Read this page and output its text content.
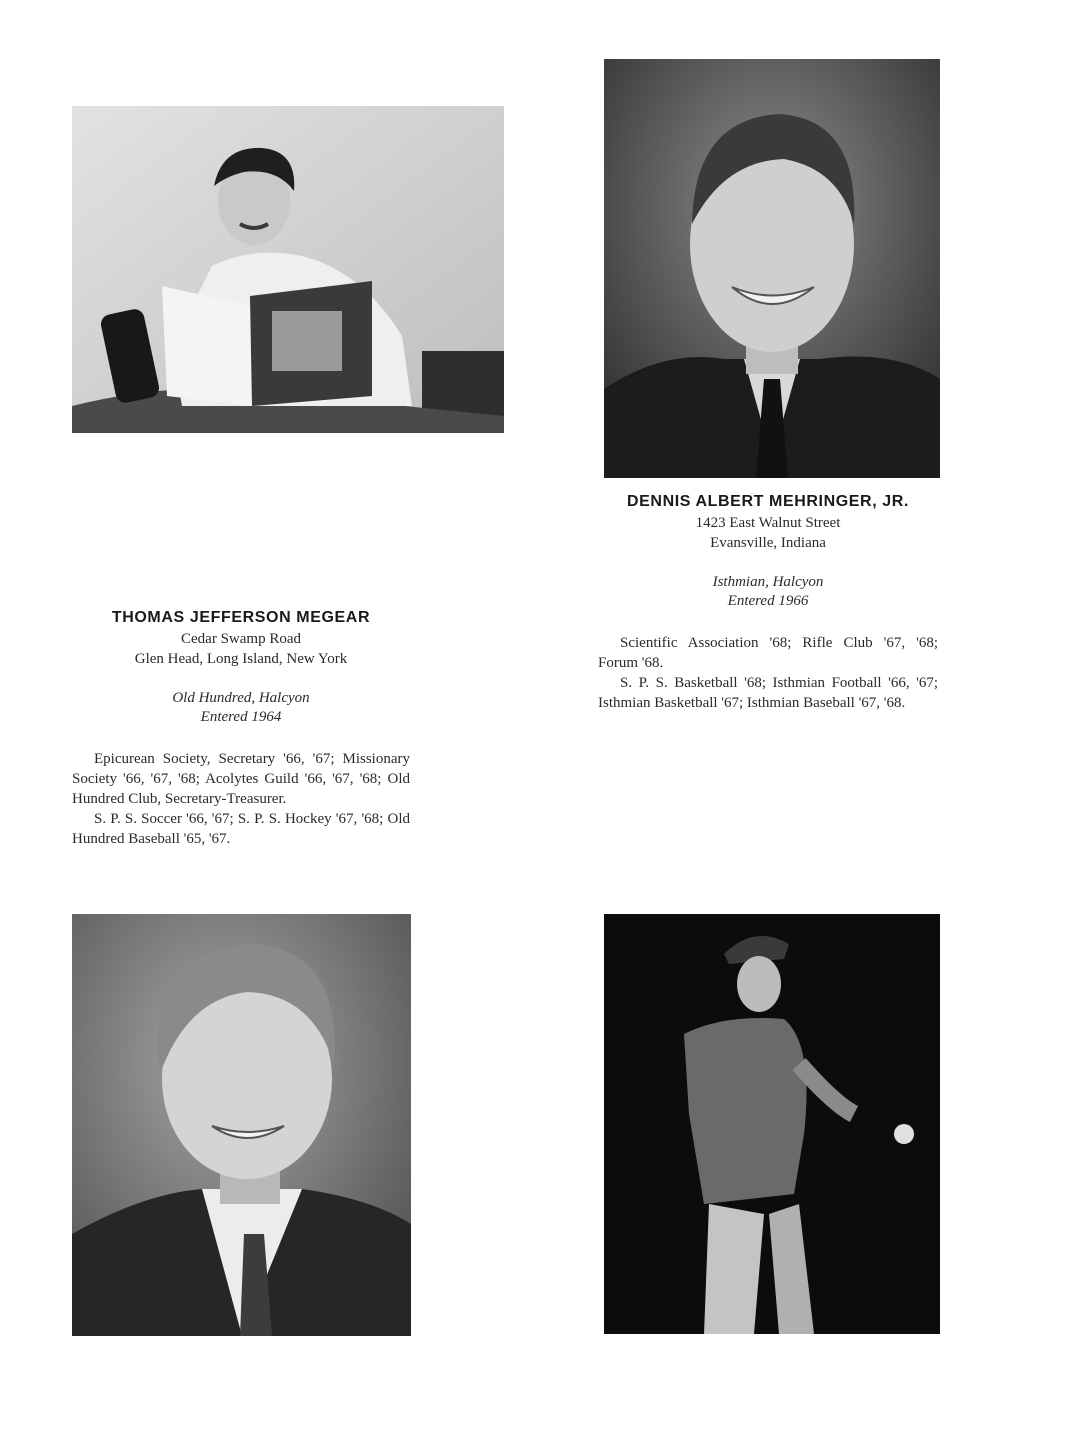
THOMAS JEFFERSON MEGEAR
Cedar Swamp Road
Glen Head, Long Island, New York
Old Hundred, Halcyon
Entered 1964

Epicurean Society, Secretary '66, '67; Missionary Society '66, '67, '68; Acolytes Guild '66, '67, '68; Old Hundred Club, Secretary-Treasurer.

S. P. S. Soccer '66, '67; S. P. S. Hockey '67, '68; Old Hundred Baseball '65, '67.

DENNIS ALBERT MEHRINGER, JR.
1423 East Walnut Street
Evansville, Indiana
Isthmian, Halcyon
Entered 1966

Scientific Association '68; Rifle Club '67, '68; Forum '68.

S. P. S. Basketball '68; Isthmian Football '66, '67; Isthmian Basketball '67; Isthmian Baseball '67, '68.
